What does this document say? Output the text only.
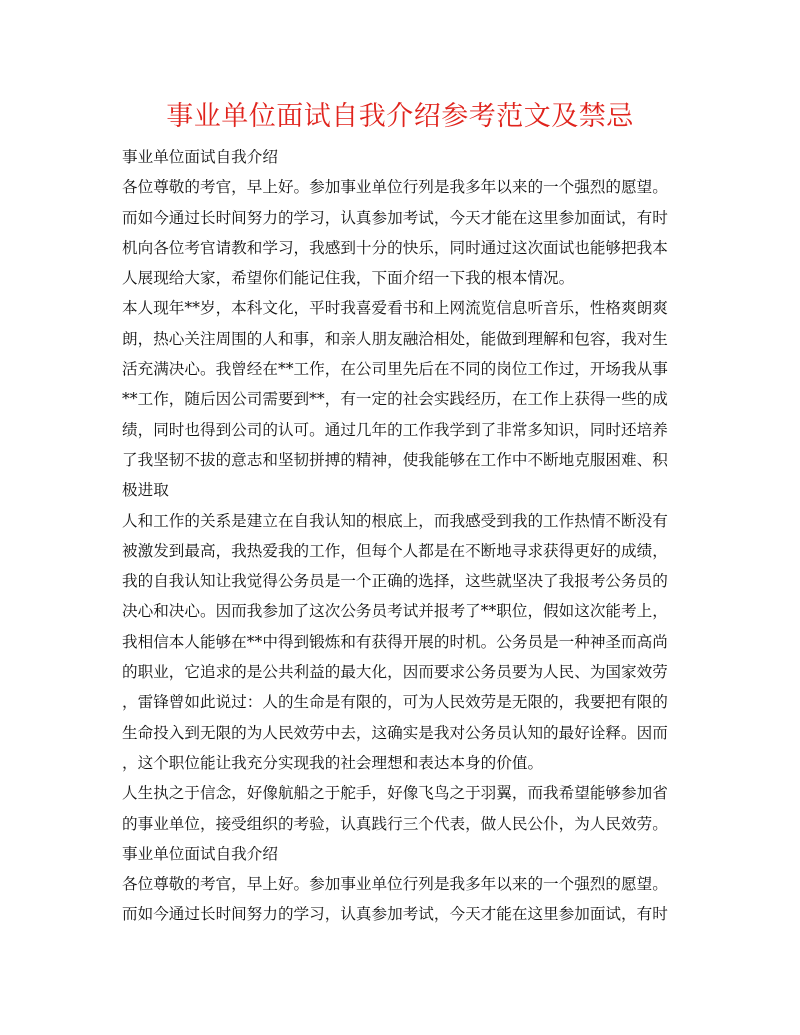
事业单位面试自我介绍参考范文及禁忌
事业单位面试自我介绍
各位尊敬的考官，早上好。参加事业单位行列是我多年以来的一个强烈的愿望。
而如今通过长时间努力的学习，认真参加考试，今天才能在这里参加面试，有时
机向各位考官请教和学习，我感到十分的快乐，同时通过这次面试也能够把我本
人展现给大家，希望你们能记住我，下面介绍一下我的根本情况。
本人现年**岁，本科文化，平时我喜爱看书和上网流览信息听音乐，性格爽朗爽
朗，热心关注周围的人和事，和亲人朋友融洽相处，能做到理解和包容，我对生
活充满决心。我曾经在**工作，在公司里先后在不同的岗位工作过，开场我从事
**工作，随后因公司需要到**，有一定的社会实践经历，在工作上获得一些的成
绩，同时也得到公司的认可。通过几年的工作我学到了非常多知识，同时还培养
了我坚韧不拔的意志和坚韧拼搏的精神，使我能够在工作中不断地克服困难、积
极进取
人和工作的关系是建立在自我认知的根底上，而我感受到我的工作热情不断没有
被激发到最高，我热爱我的工作，但每个人都是在不断地寻求获得更好的成绩，
我的自我认知让我觉得公务员是一个正确的选择，这些就坚决了我报考公务员的
决心和决心。因而我参加了这次公务员考试并报考了**职位，假如这次能考上，
我相信本人能够在**中得到锻炼和有获得开展的时机。公务员是一种神圣而高尚
的职业，它追求的是公共利益的最大化，因而要求公务员要为人民、为国家效劳
，雷锋曾如此说过：人的生命是有限的，可为人民效劳是无限的，我要把有限的
生命投入到无限的为人民效劳中去，这确实是我对公务员认知的最好诠释。因而
，这个职位能让我充分实现我的社会理想和表达本身的价值。
人生执之于信念，好像航船之于舵手，好像飞鸟之于羽翼，而我希望能够参加省
的事业单位，接受组织的考验，认真践行三个代表，做人民公仆，为人民效劳。
事业单位面试自我介绍
各位尊敬的考官，早上好。参加事业单位行列是我多年以来的一个强烈的愿望。
而如今通过长时间努力的学习，认真参加考试，今天才能在这里参加面试，有时
